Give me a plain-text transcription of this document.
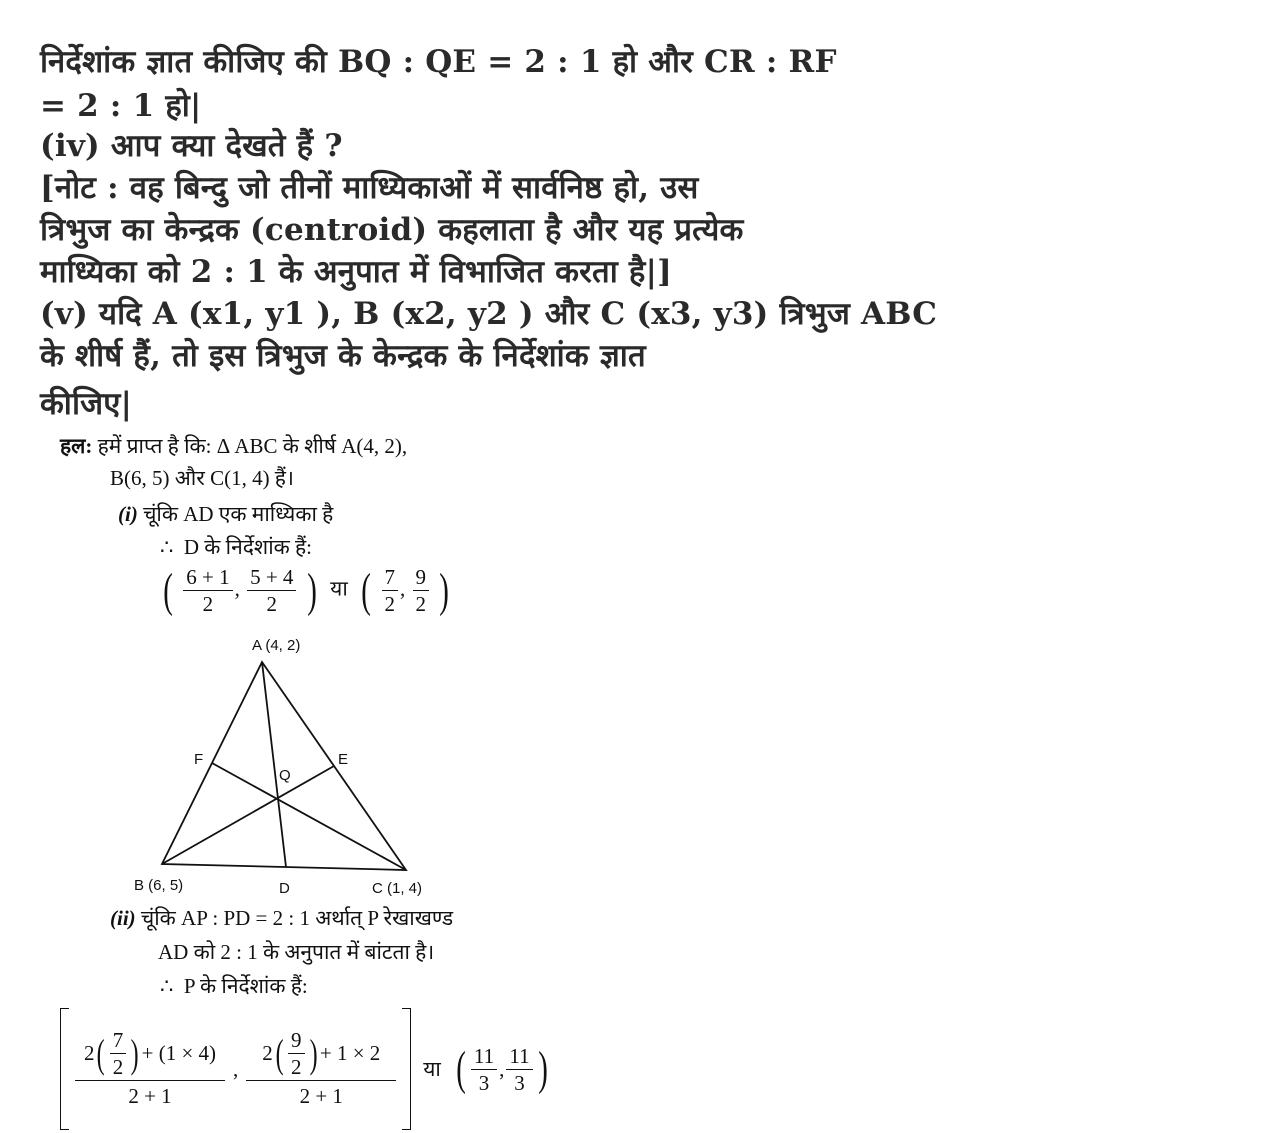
निर्देशांक ज्ञात कीजिए की BQ : QE = 2 : 1 हो और CR : RF
= 2 : 1 हो|
(iv) आप क्या देखते हैं ?
[नोट : वह बिन्दु जो तीनों माध्यिकाओं में सार्वनिष्ठ हो, उस
त्रिभुज का केन्द्रक (centroid) कहलाता है और यह प्रत्येक
माध्यिका को 2 : 1 के अनुपात में विभाजित करता है|]
(v) यदि A (x1, y1 ), B (x2, y2 ) और C (x3, y3) त्रिभुज ABC
के शीर्ष हैं, तो इस त्रिभुज के केन्द्रक के निर्देशांक ज्ञात
कीजिए|
हल: हमें प्राप्त है कि: Δ ABC के शीर्ष A(4, 2),
B(6, 5) और C(1, 4) हैं।
(i) चूंकि AD एक माध्यिका है
∴ D के निर्देशांक हैं:
( $\frac{6 + 1}{2}$ , $\frac{5 + 4}{2}$ ) या ( $\frac{7}{2}$ , $\frac{9}{2}$ )
A (4, 2)
B (6, 5)	C (1, 4)
D
E
F
Q
(ii) चूंकि AP : PD = 2 : 1 अर्थात् P रेखाखण्ड
AD को 2 : 1 के अनुपात में बांटता है।
∴ P के निर्देशांक हैं:
2 ( $\frac{7}{2}$ ) + (1 × 4)
2 + 1
,
2 ( $\frac{9}{2}$ ) + 1 × 2
2 + 1
या ( $\frac{11}{3}$ , $\frac{11}{3}$ )
